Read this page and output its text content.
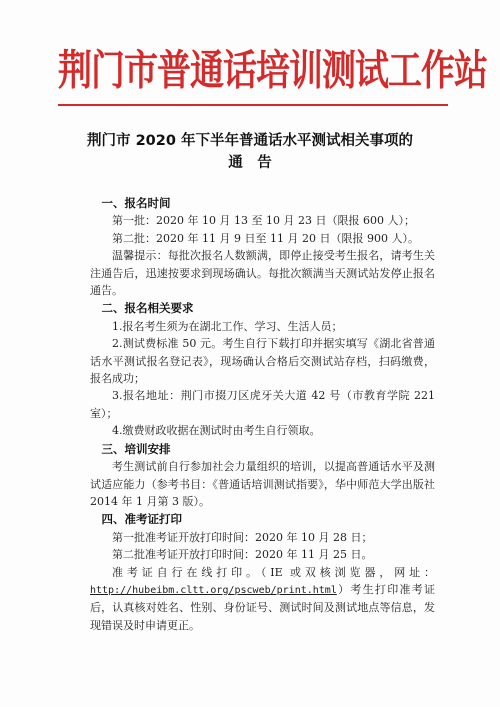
荆门市普通话培训测试工作站
荆门市 2020 年下半年普通话水平测试相关事项的
通　告
一、报名时间

第一批：2020 年 10 月 13 至 10 月 23 日（限报 600 人）；

第二批：2020 年 11 月 9 日至 11 月 20 日（限报 900 人）。

温馨提示：每批次报名人数额满，即停止接受考生报名，请考生关注通告后，迅速按要求到现场确认。每批次额满当天测试站发停止报名通告。

二、报名相关要求

1.报名考生须为在湖北工作、学习、生活人员；

2.测试费标准 50 元。考生自行下载打印并据实填写《湖北省普通话水平测试报名登记表》，现场确认合格后交测试站存档，扫码缴费，报名成功；

3.报名地址：荆门市掇刀区虎牙关大道 42 号（市教育学院 221 室）；

4.缴费财政收据在测试时由考生自行领取。

三、培训安排

考生测试前自行参加社会力量组织的培训，以提高普通话水平及测试适应能力（参考书目：《普通话培训测试指要》，华中师范大学出版社 2014 年 1 月第 3 版）。

四、准考证打印

第一批准考证开放打印时间：2020 年 10 月 28 日；

第二批准考证开放打印时间：2020 年 11 月 25 日。

准考证自行在线打印。（IE 或双核浏览器，网址：http://hubeibm.cltt.org/pscweb/print.html）考生打印准考证后，认真核对姓名、性别、身份证号、测试时间及测试地点等信息，发现错误及时申请更正。
